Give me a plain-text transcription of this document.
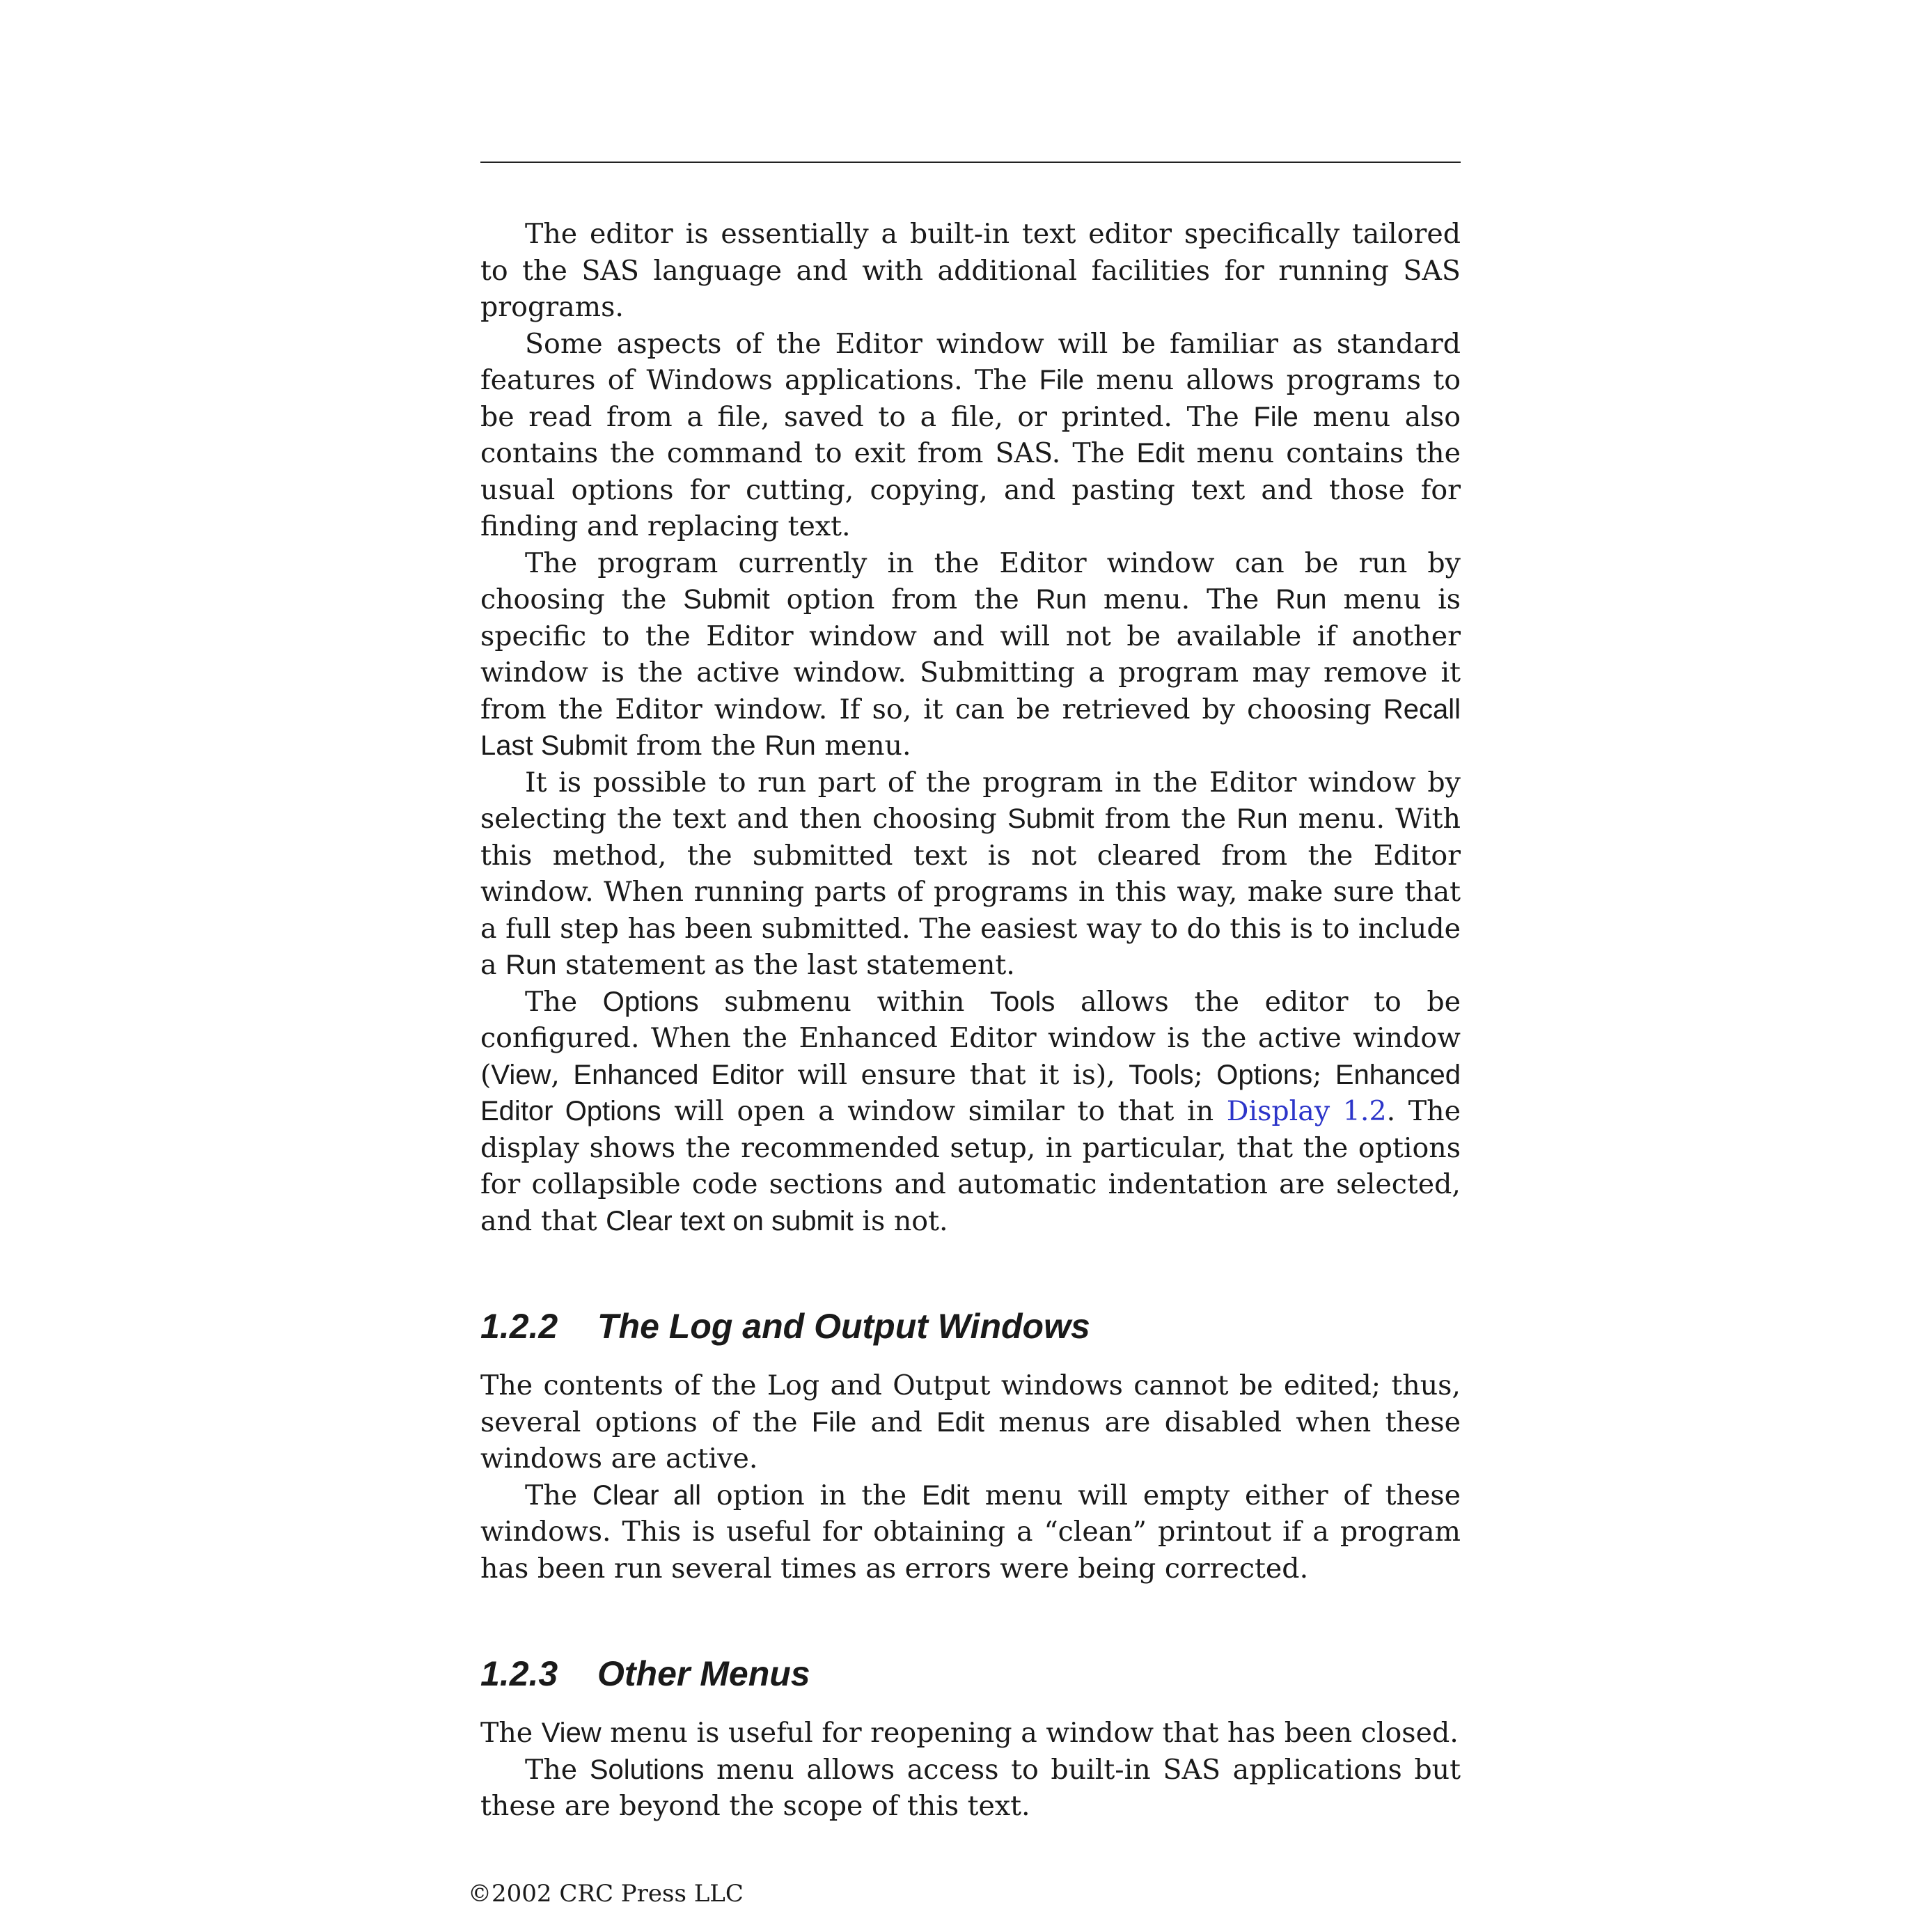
The editor is essentially a built-in text editor specifically tailored to the SAS language and with additional facilities for running SAS programs.

Some aspects of the Editor window will be familiar as standard features of Windows applications. The File menu allows programs to be read from a file, saved to a file, or printed. The File menu also contains the command to exit from SAS. The Edit menu contains the usual options for cutting, copying, and pasting text and those for finding and replacing text.

The program currently in the Editor window can be run by choosing the Submit option from the Run menu. The Run menu is specific to the Editor window and will not be available if another window is the active window. Submitting a program may remove it from the Editor window. If so, it can be retrieved by choosing Recall Last Submit from the Run menu.

It is possible to run part of the program in the Editor window by selecting the text and then choosing Submit from the Run menu. With this method, the submitted text is not cleared from the Editor window. When running parts of programs in this way, make sure that a full step has been submitted. The easiest way to do this is to include a Run statement as the last statement.

The Options submenu within Tools allows the editor to be configured. When the Enhanced Editor window is the active window (View, Enhanced Editor will ensure that it is), Tools; Options; Enhanced Editor Options will open a window similar to that in Display 1.2. The display shows the recommended setup, in particular, that the options for collapsible code sections and automatic indentation are selected, and that Clear text on submit is not.

1.2.2 The Log and Output Windows

The contents of the Log and Output windows cannot be edited; thus, several options of the File and Edit menus are disabled when these windows are active.

The Clear all option in the Edit menu will empty either of these windows. This is useful for obtaining a “clean” printout if a program has been run several times as errors were being corrected.

1.2.3 Other Menus

The View menu is useful for reopening a window that has been closed.

The Solutions menu allows access to built-in SAS applications but these are beyond the scope of this text.

©2002 CRC Press LLC
